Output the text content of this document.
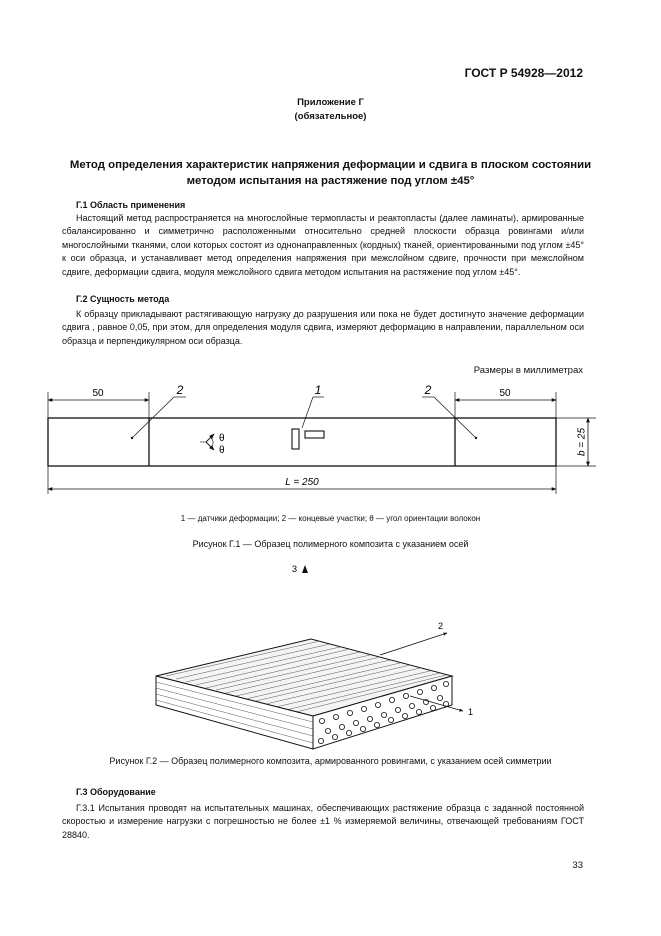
ГОСТ Р 54928—2012
Приложение Г
(обязательное)
Метод определения характеристик напряжения деформации и сдвига в плоском состоянии
методом испытания на растяжение под углом ±45°
Г.1 Область применения

Настоящий метод распространяется на многослойные термопласты и реактопласты (далее ламинаты), армированные сбалансированно и симметрично расположенными относительно средней плоскости образца ровингами и/или многослойными тканями, слои которых состоят из однонаправленных (кордных) тканей, ориентированными под углом ±45° к оси образца, и устанавливает метод определения напряжения при межслойном сдвиге, прочности при межслойном сдвиге, деформации сдвига, модуля межслойного сдвига методом испытания на растяжение под углом ±45°.

Г.2 Сущность метода

К образцу прикладывают растягивающую нагрузку до разрушения или пока не будет достигнуто значение деформации сдвига , равное 0,05, при этом, для определения модуля сдвига, измеряют деформацию в направлении, параллельном оси образца и перпендикулярном оси образца.

Размеры в миллиметрах
50	50
L = 250
b = 25
2	2
1
θ
θ
1 — датчики деформации; 2 — концевые участки; θ — угол ориентации волокон
Рисунок Г.1 — Образец полимерного композита с указанием осей
3
2
1
Рисунок Г.2 — Образец полимерного композита, армированного ровингами, с указанием осей симметрии
Г.3 Оборудование

Г.3.1 Испытания проводят на испытательных машинах, обеспечивающих растяжение образца с заданной постоянной скоростью и измерение нагрузки с погрешностью не более ±1 % измеряемой величины, отвечающей требованиям ГОСТ 28840.

33
